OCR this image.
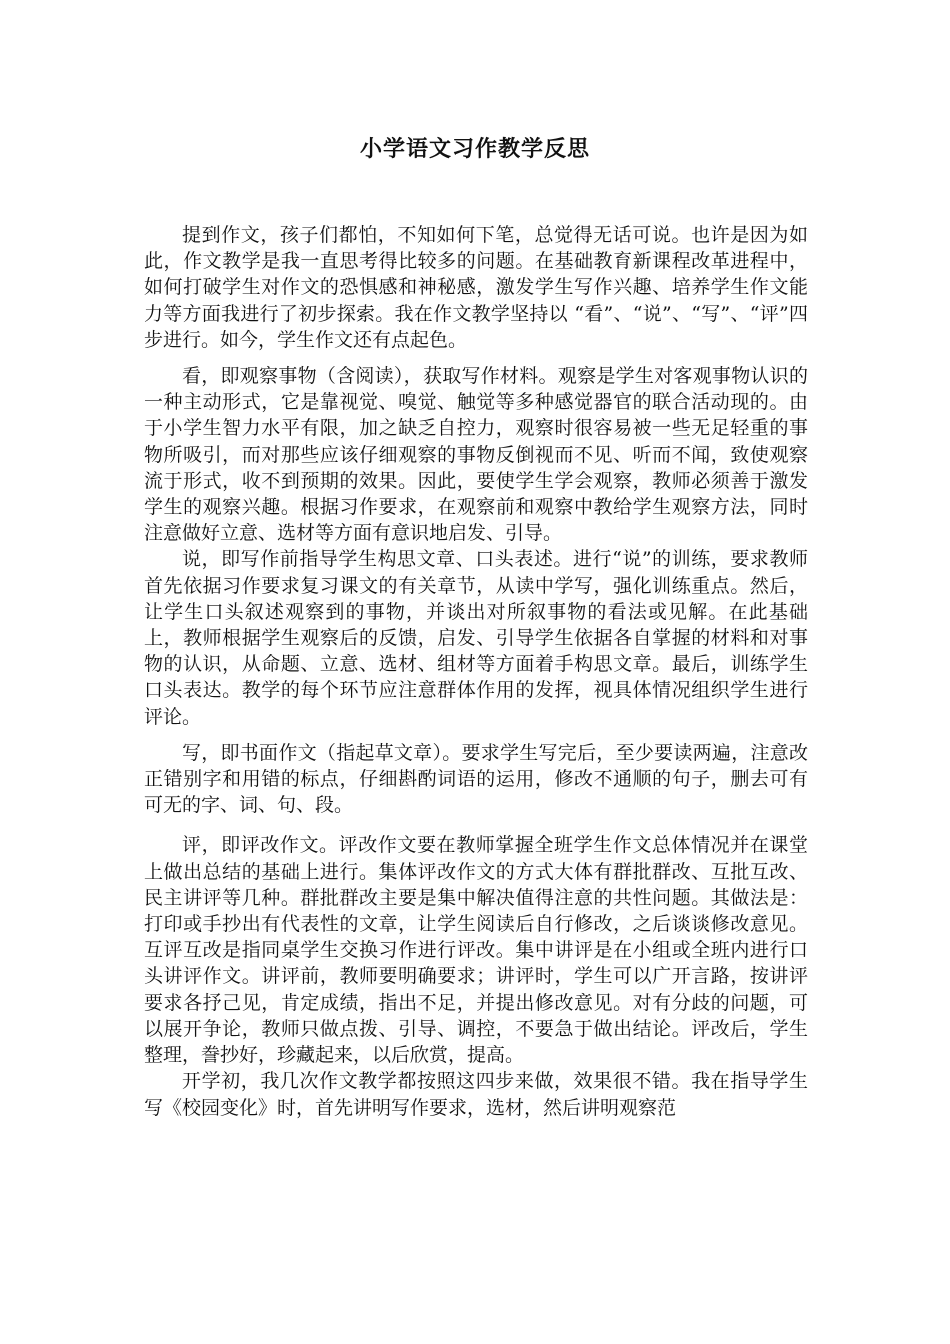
小学语文习作教学反思

提到作文，孩子们都怕，不知如何下笔，总觉得无话可说。也许是因为如此，作文教学是我一直思考得比较多的问题。在基础教育新课程改革进程中，如何打破学生对作文的恐惧感和神秘感，激发学生写作兴趣、培养学生作文能力等方面我进行了初步探索。我在作文教学坚持以 “看”、“说”、“写”、“评”四步进行。如今，学生作文还有点起色。

看，即观察事物（含阅读），获取写作材料。观察是学生对客观事物认识的一种主动形式，它是靠视觉、嗅觉、触觉等多种感觉器官的联合活动现的。由于小学生智力水平有限，加之缺乏自控力，观察时很容易被一些无足轻重的事物所吸引，而对那些应该仔细观察的事物反倒视而不见、听而不闻，致使观察流于形式，收不到预期的效果。因此，要使学生学会观察，教师必须善于激发学生的观察兴趣。根据习作要求，在观察前和观察中教给学生观察方法，同时注意做好立意、选材等方面有意识地启发、引导。

说，即写作前指导学生构思文章、口头表述。进行“说”的训练，要求教师首先依据习作要求复习课文的有关章节，从读中学写，强化训练重点。然后，让学生口头叙述观察到的事物，并谈出对所叙事物的看法或见解。在此基础上，教师根据学生观察后的反馈，启发、引导学生依据各自掌握的材料和对事物的认识，从命题、立意、选材、组材等方面着手构思文章。最后，训练学生口头表达。教学的每个环节应注意群体作用的发挥，视具体情况组织学生进行评论。

写，即书面作文（指起草文章）。要求学生写完后，至少要读两遍，注意改正错别字和用错的标点，仔细斟酌词语的运用，修改不通顺的句子，删去可有可无的字、词、句、段。

评，即评改作文。评改作文要在教师掌握全班学生作文总体情况并在课堂上做出总结的基础上进行。集体评改作文的方式大体有群批群改、互批互改、民主讲评等几种。群批群改主要是集中解决值得注意的共性问题。其做法是：打印或手抄出有代表性的文章，让学生阅读后自行修改，之后谈谈修改意见。互评互改是指同桌学生交换习作进行评改。集中讲评是在小组或全班内进行口头讲评作文。讲评前，教师要明确要求；讲评时，学生可以广开言路，按讲评要求各抒己见，肯定成绩，指出不足，并提出修改意见。对有分歧的问题，可以展开争论，教师只做点拨、引导、调控，不要急于做出结论。评改后，学生整理，誊抄好，珍藏起来，以后欣赏，提高。

开学初，我几次作文教学都按照这四步来做，效果很不错。我在指导学生写《校园变化》时，首先讲明写作要求，选材，然后讲明观察范
